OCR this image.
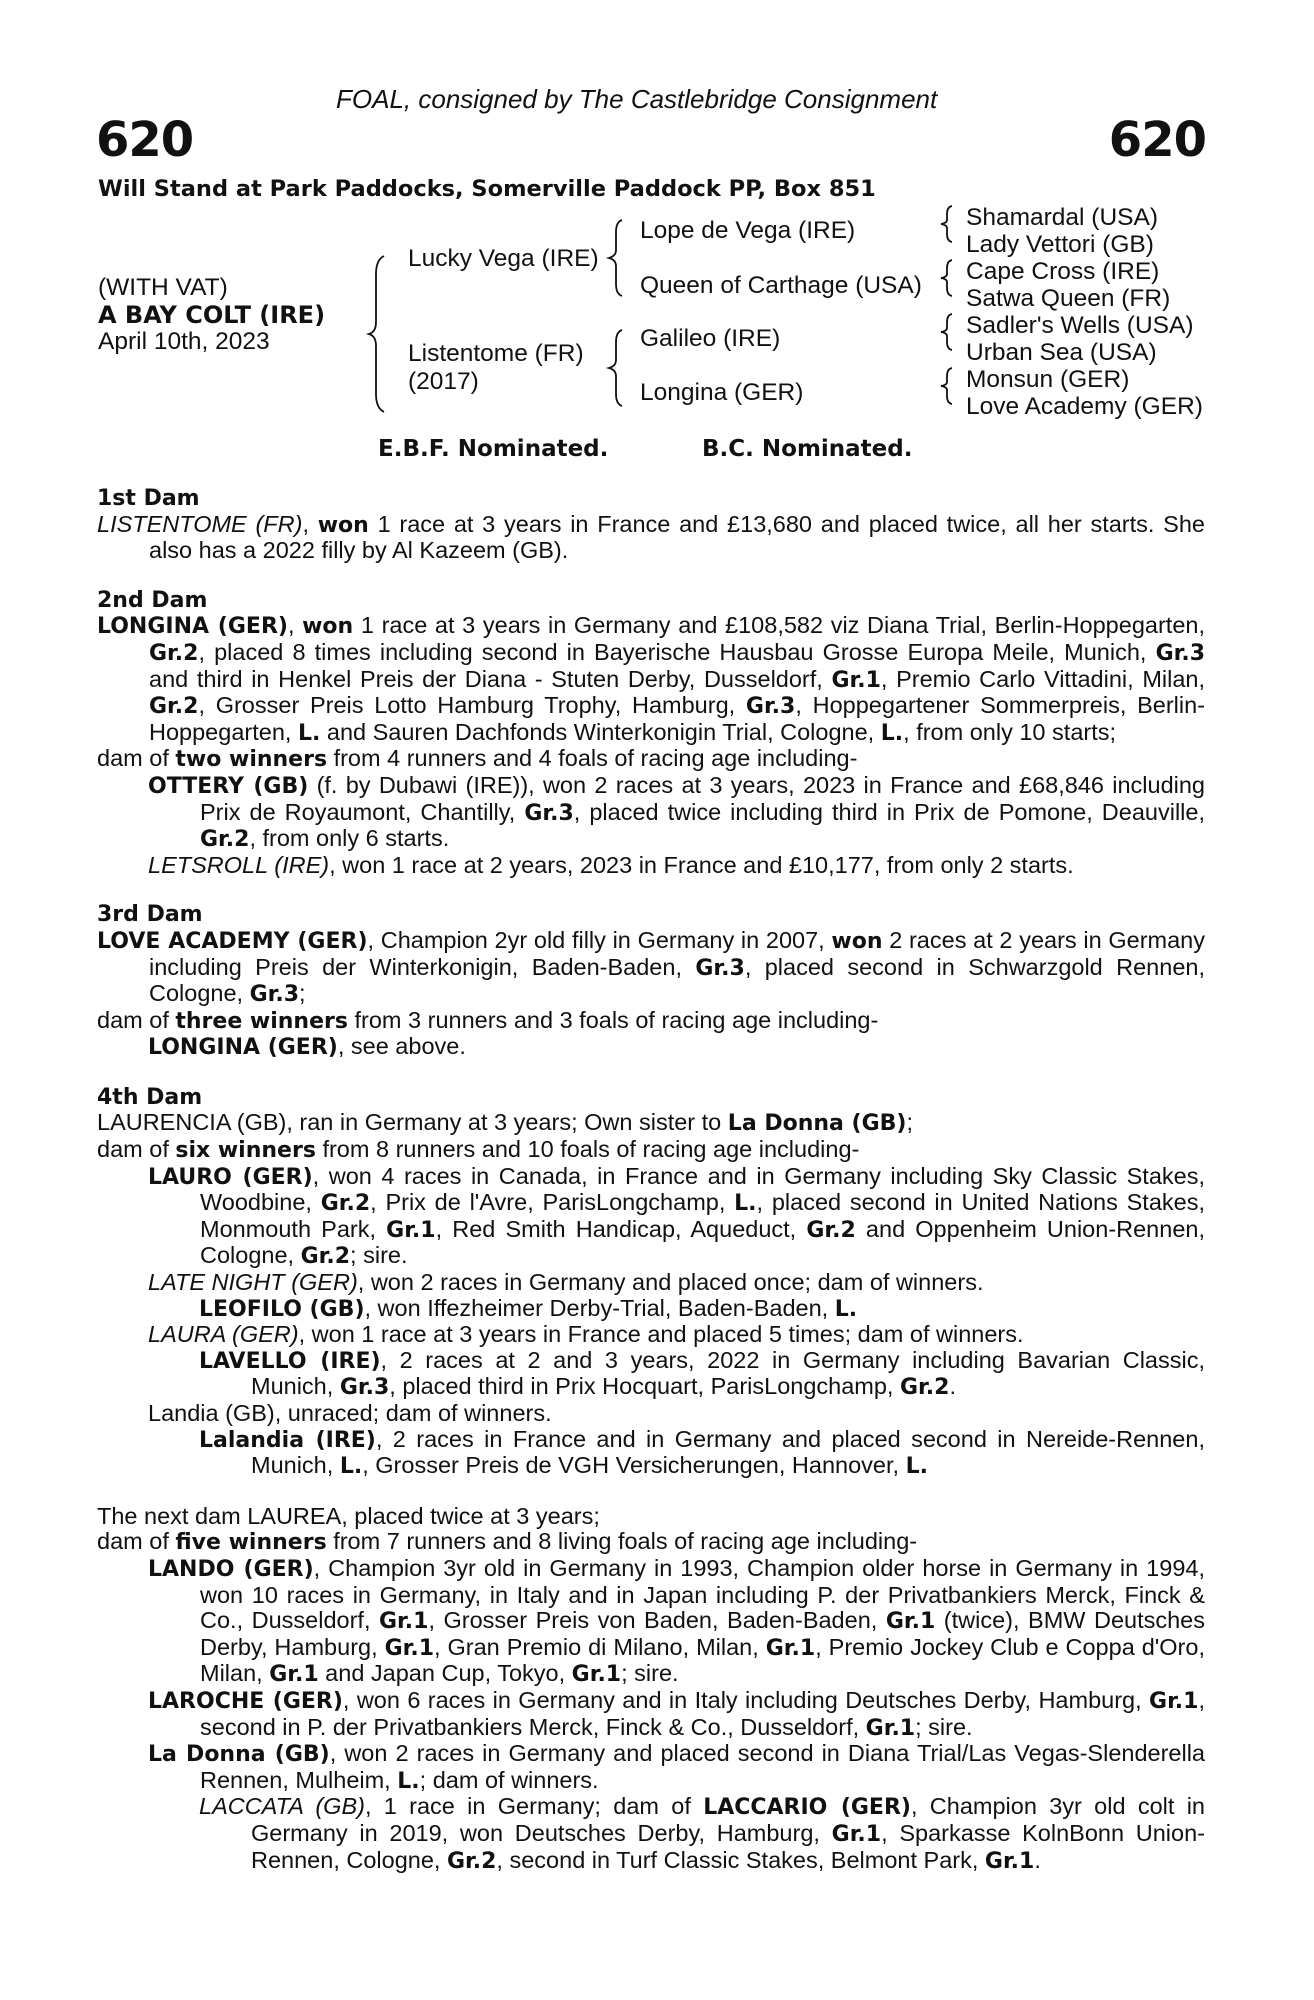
FOAL, consigned by The Castlebridge Consignment
620	620
Will Stand at Park Paddocks, Somerville Paddock PP, Box 851
(WITH VAT)
A BAY COLT (IRE)
April 10th, 2023
Lucky Vega (IRE)
Listentome (FR)
(2017)
Lope de Vega (IRE)
Queen of Carthage (USA)
Galileo (IRE)
Longina (GER)
Shamardal (USA)
Lady Vettori (GB)
Cape Cross (IRE)
Satwa Queen (FR)
Sadler's Wells (USA)
Urban Sea (USA)
Monsun (GER)
Love Academy (GER)
E.B.F. Nominated.	B.C. Nominated.
1st Dam
LISTENTOME (FR), won 1 race at 3 years in France and £13,680 and placed twice, all her starts. She also has a 2022 filly by Al Kazeem (GB).
2nd Dam
LONGINA (GER), won 1 race at 3 years in Germany and £108,582 viz Diana Trial, Berlin-Hoppegarten, Gr.2, placed 8 times including second in Bayerische Hausbau Grosse Europa Meile, Munich, Gr.3 and third in Henkel Preis der Diana - Stuten Derby, Dusseldorf, Gr.1, Premio Carlo Vittadini, Milan, Gr.2, Grosser Preis Lotto Hamburg Trophy, Hamburg, Gr.3, Hoppegartener Sommerpreis, Berlin-Hoppegarten, L. and Sauren Dachfonds Winterkonigin Trial, Cologne, L., from only 10 starts;
dam of two winners from 4 runners and 4 foals of racing age including-
OTTERY (GB) (f. by Dubawi (IRE)), won 2 races at 3 years, 2023 in France and £68,846 including Prix de Royaumont, Chantilly, Gr.3, placed twice including third in Prix de Pomone, Deauville, Gr.2, from only 6 starts.
LETSROLL (IRE), won 1 race at 2 years, 2023 in France and £10,177, from only 2 starts.
3rd Dam
LOVE ACADEMY (GER), Champion 2yr old filly in Germany in 2007, won 2 races at 2 years in Germany including Preis der Winterkonigin, Baden-Baden, Gr.3, placed second in Schwarzgold Rennen, Cologne, Gr.3;
dam of three winners from 3 runners and 3 foals of racing age including-
LONGINA (GER), see above.
4th Dam
LAURENCIA (GB), ran in Germany at 3 years; Own sister to La Donna (GB);
dam of six winners from 8 runners and 10 foals of racing age including-
LAURO (GER), won 4 races in Canada, in France and in Germany including Sky Classic Stakes, Woodbine, Gr.2, Prix de l'Avre, ParisLongchamp, L., placed second in United Nations Stakes, Monmouth Park, Gr.1, Red Smith Handicap, Aqueduct, Gr.2 and Oppenheim Union-Rennen, Cologne, Gr.2; sire.
LATE NIGHT (GER), won 2 races in Germany and placed once; dam of winners.
LEOFILO (GB), won Iffezheimer Derby-Trial, Baden-Baden, L.
LAURA (GER), won 1 race at 3 years in France and placed 5 times; dam of winners.
LAVELLO (IRE), 2 races at 2 and 3 years, 2022 in Germany including Bavarian Classic, Munich, Gr.3, placed third in Prix Hocquart, ParisLongchamp, Gr.2.
Landia (GB), unraced; dam of winners.
Lalandia (IRE), 2 races in France and in Germany and placed second in Nereide-Rennen, Munich, L., Grosser Preis de VGH Versicherungen, Hannover, L.
The next dam LAUREA, placed twice at 3 years;
dam of five winners from 7 runners and 8 living foals of racing age including-
LANDO (GER), Champion 3yr old in Germany in 1993, Champion older horse in Germany in 1994, won 10 races in Germany, in Italy and in Japan including P. der Privatbankiers Merck, Finck & Co., Dusseldorf, Gr.1, Grosser Preis von Baden, Baden-Baden, Gr.1 (twice), BMW Deutsches Derby, Hamburg, Gr.1, Gran Premio di Milano, Milan, Gr.1, Premio Jockey Club e Coppa d'Oro, Milan, Gr.1 and Japan Cup, Tokyo, Gr.1; sire.
LAROCHE (GER), won 6 races in Germany and in Italy including Deutsches Derby, Hamburg, Gr.1, second in P. der Privatbankiers Merck, Finck & Co., Dusseldorf, Gr.1; sire.
La Donna (GB), won 2 races in Germany and placed second in Diana Trial/Las Vegas-Slenderella Rennen, Mulheim, L.; dam of winners.
LACCATA (GB), 1 race in Germany; dam of LACCARIO (GER), Champion 3yr old colt in Germany in 2019, won Deutsches Derby, Hamburg, Gr.1, Sparkasse KolnBonn Union-Rennen, Cologne, Gr.2, second in Turf Classic Stakes, Belmont Park, Gr.1.
